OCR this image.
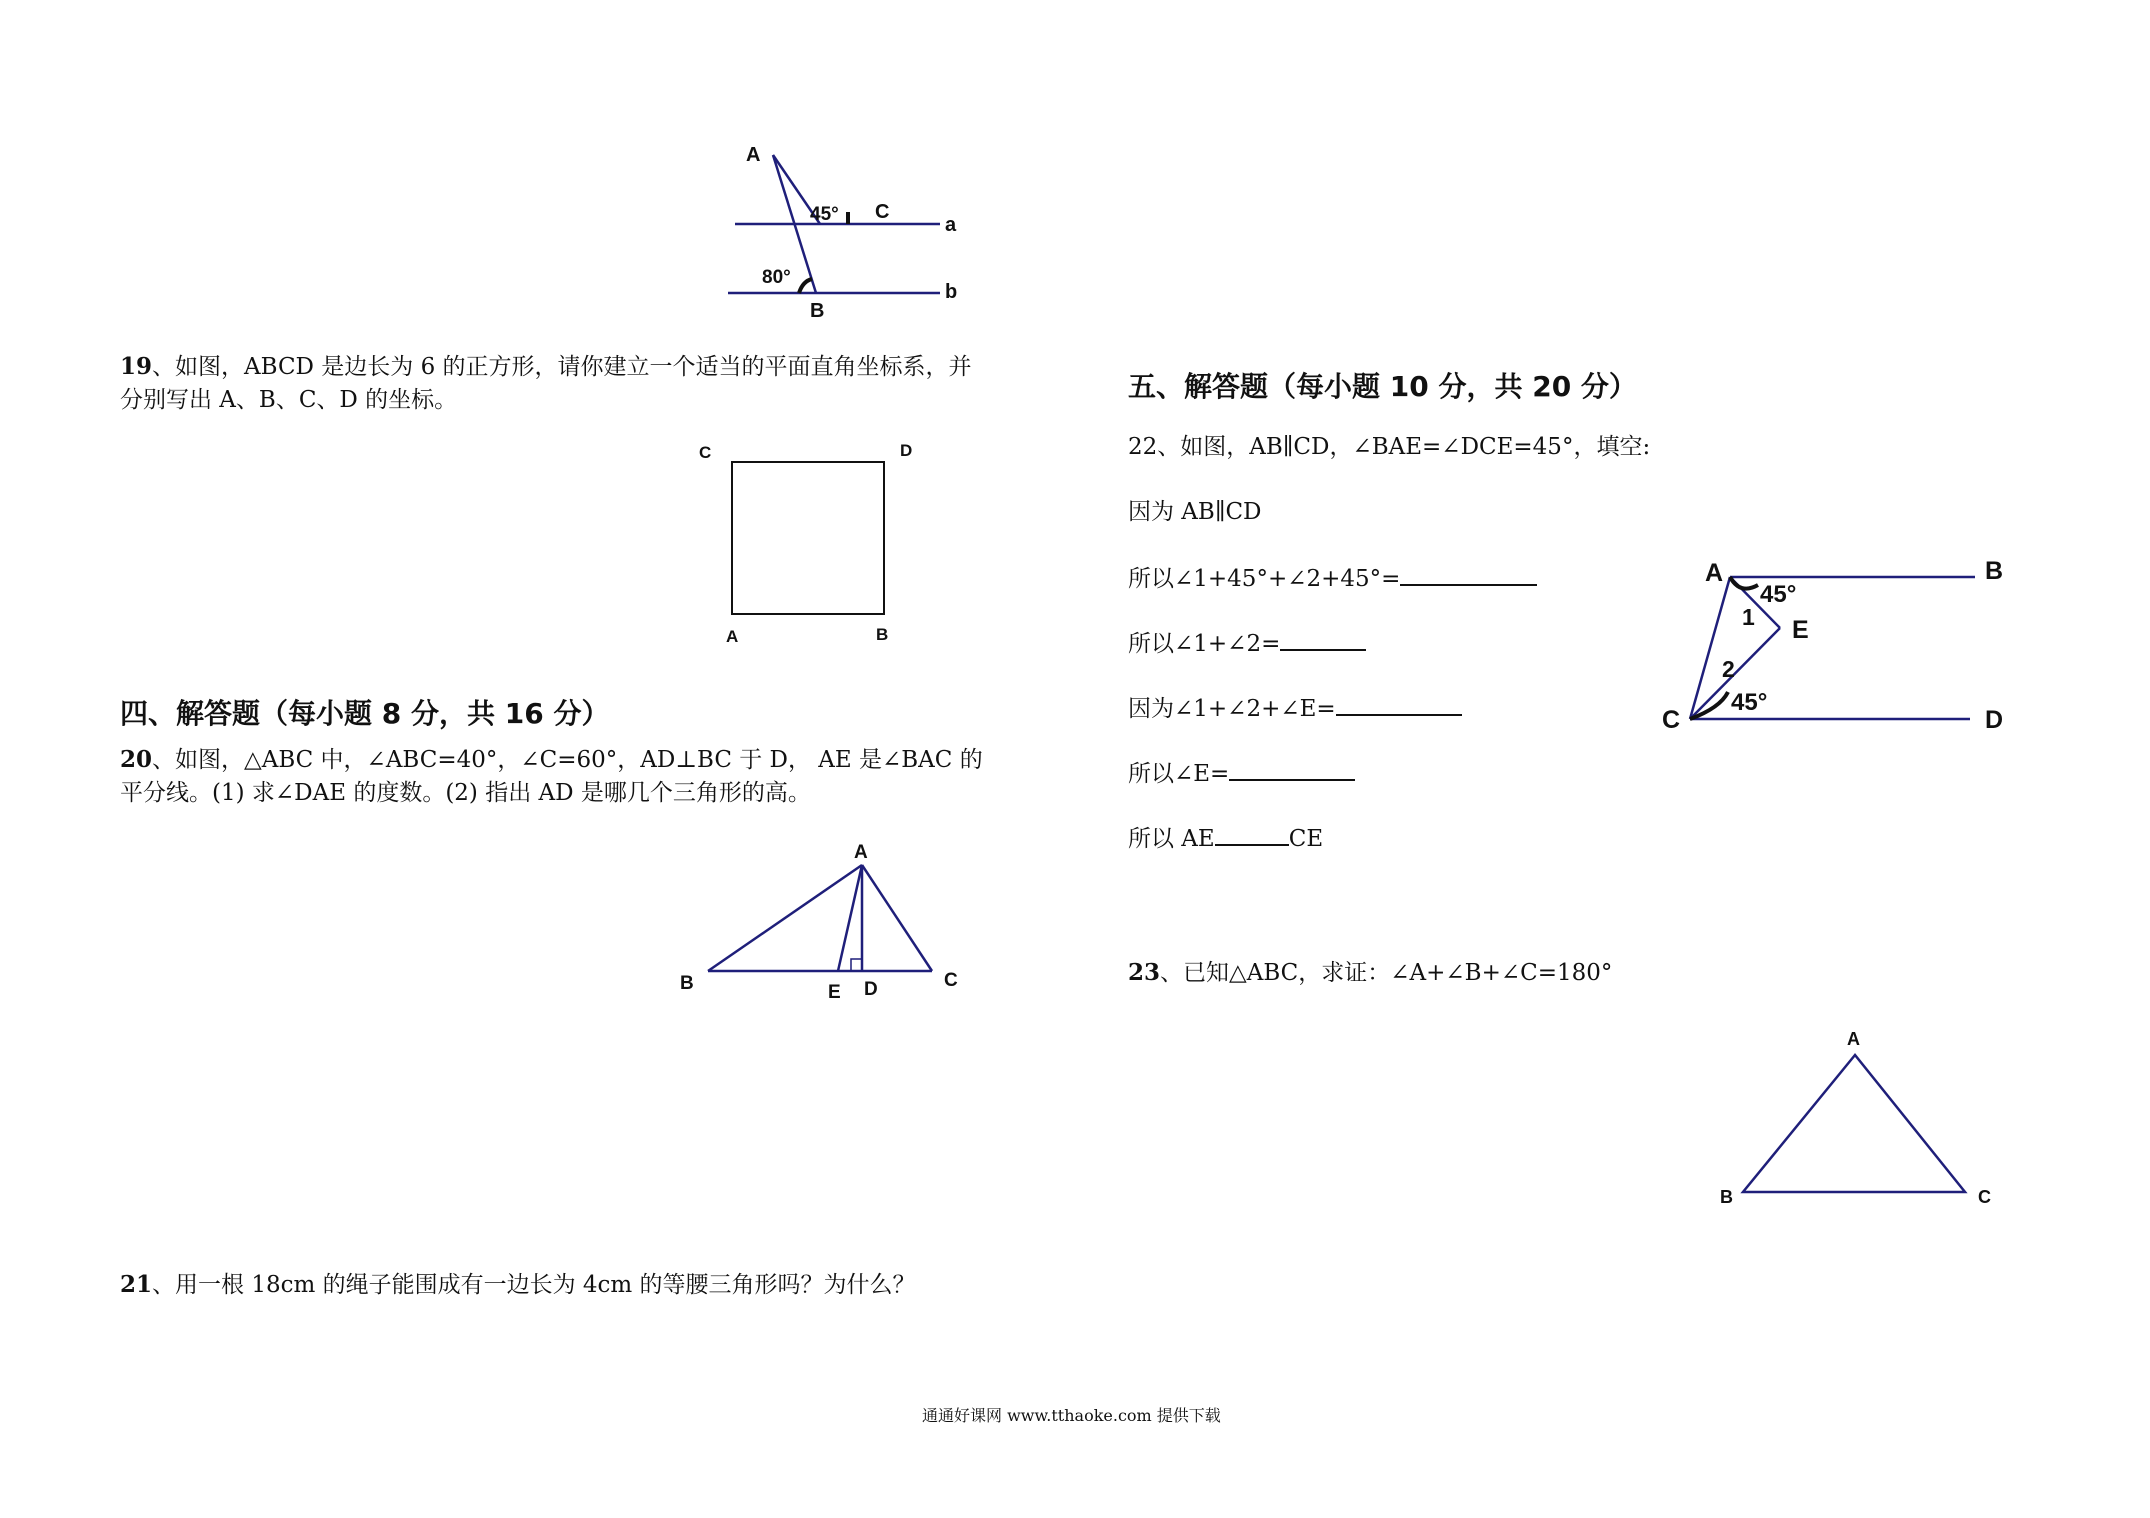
A
C
B
a
b
45°
80°
19、如图，ABCD 是边长为 6 的正方形，请你建立一个适当的平面直角坐标系，并
分别写出 A、B、C、D 的坐标。
C	D
A	B
四、解答题（每小题 8 分，共 16 分）
20、如图，△ABC 中，∠ABC=40°，∠C=60°，AD⊥BC 于 D， AE 是∠BAC 的
平分线。(1) 求∠DAE 的度数。(2) 指出 AD 是哪几个三角形的高。
A
B	C
E D
21、用一根 18cm 的绳子能围成有一边长为 4cm 的等腰三角形吗？为什么？
五、解答题（每小题 10 分，共 20 分）
22、如图，AB∥CD，∠BAE=∠DCE=45°，填空:
因为 AB∥CD
所以∠1+45°+∠2+45°=
所以∠1+∠2=
因为∠1+∠2+∠E=
所以∠E=
所以 AE	CE
A	B
C	D
E
1
2
45°
45°
23、已知△ABC，求证：∠A+∠B+∠C=180°
A
B	C
通通好课网 www.tthaoke.com 提供下载
